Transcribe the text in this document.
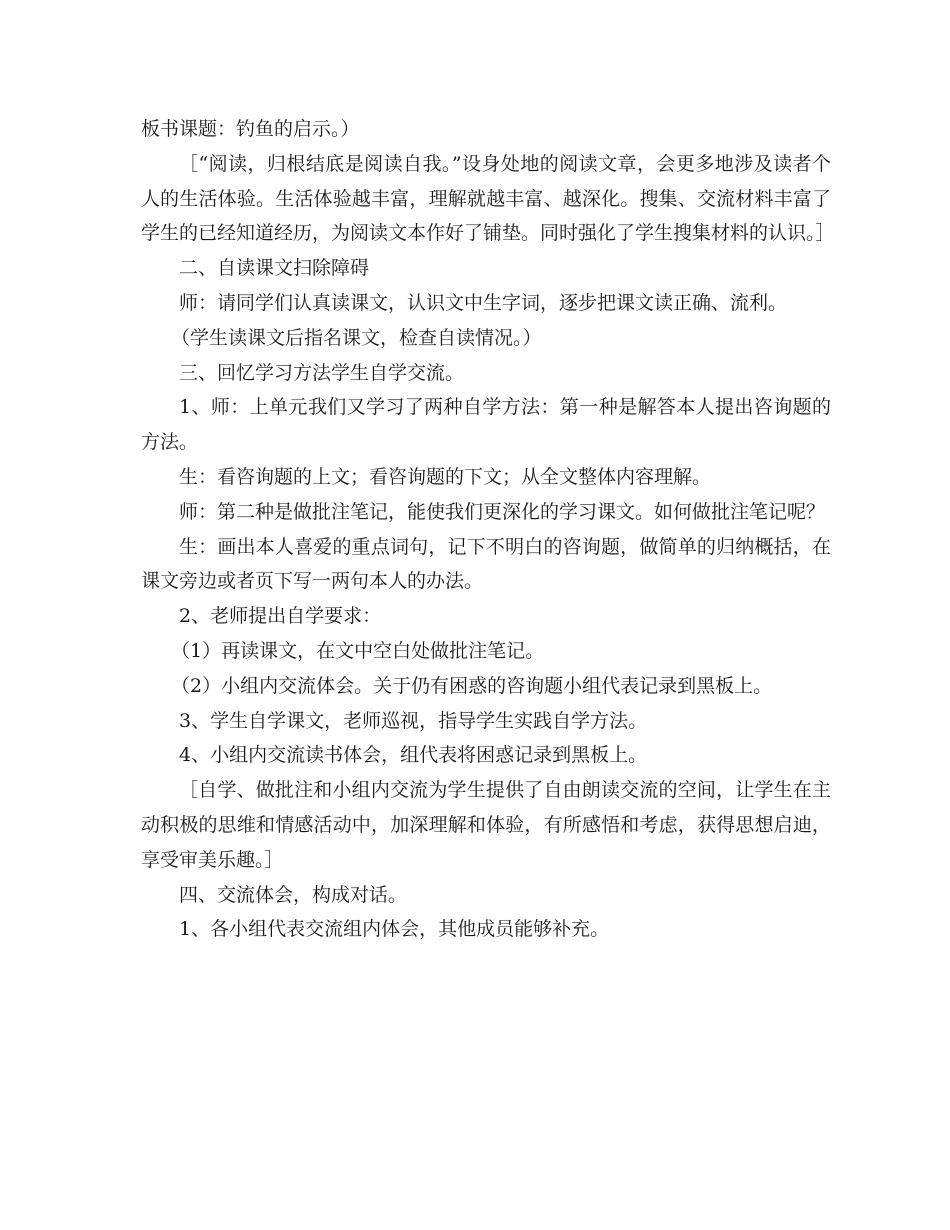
板书课题：钓鱼的启示。）

［“阅读，归根结底是阅读自我。”设身处地的阅读文章，会更多地涉及读者个人的生活体验。生活体验越丰富，理解就越丰富、越深化。搜集、交流材料丰富了学生的已经知道经历，为阅读文本作好了铺垫。同时强化了学生搜集材料的认识。］

二、自读课文扫除障碍

师：请同学们认真读课文，认识文中生字词，逐步把课文读正确、流利。

（学生读课文后指名课文，检查自读情况。）

三、回忆学习方法学生自学交流。

1、师：上单元我们又学习了两种自学方法：第一种是解答本人提出咨询题的方法。

生：看咨询题的上文；看咨询题的下文；从全文整体内容理解。

师：第二种是做批注笔记，能使我们更深化的学习课文。如何做批注笔记呢？

生：画出本人喜爱的重点词句，记下不明白的咨询题，做简单的归纳概括，在课文旁边或者页下写一两句本人的办法。

2、老师提出自学要求：

（1）再读课文，在文中空白处做批注笔记。

（2）小组内交流体会。关于仍有困惑的咨询题小组代表记录到黑板上。

3、学生自学课文，老师巡视，指导学生实践自学方法。

4、小组内交流读书体会，组代表将困惑记录到黑板上。

［自学、做批注和小组内交流为学生提供了自由朗读交流的空间，让学生在主动积极的思维和情感活动中，加深理解和体验，有所感悟和考虑，获得思想启迪，享受审美乐趣。］

四、交流体会，构成对话。

1、各小组代表交流组内体会，其他成员能够补充。
